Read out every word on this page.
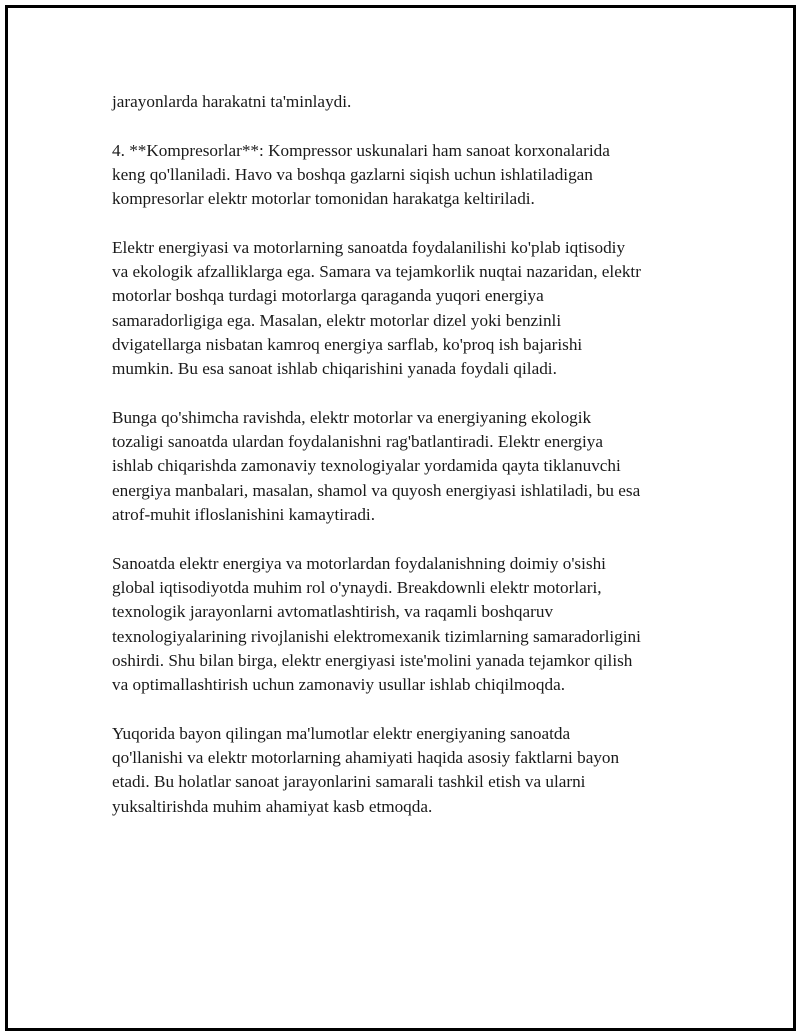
jarayonlarda harakatni ta'minlaydi.

4. **Kompresorlar**: Kompressor uskunalari ham sanoat korxonalarida
keng qo'llaniladi. Havo va boshqa gazlarni siqish uchun ishlatiladigan
kompresorlar elektr motorlar tomonidan harakatga keltiriladi.

Elektr energiyasi va motorlarning sanoatda foydalanilishi ko'plab iqtisodiy
va ekologik afzalliklarga ega. Samara va tejamkorlik nuqtai nazaridan, elektr
motorlar boshqa turdagi motorlarga qaraganda yuqori energiya
samaradorligiga ega. Masalan, elektr motorlar dizel yoki benzinli
dvigatellarga nisbatan kamroq energiya sarflab, ko'proq ish bajarishi
mumkin. Bu esa sanoat ishlab chiqarishini yanada foydali qiladi.

Bunga qo'shimcha ravishda, elektr motorlar va energiyaning ekologik
tozaligi sanoatda ulardan foydalanishni rag'batlantiradi. Elektr energiya
ishlab chiqarishda zamonaviy texnologiyalar yordamida qayta tiklanuvchi
energiya manbalari, masalan, shamol va quyosh energiyasi ishlatiladi, bu esa
atrof-muhit ifloslanishini kamaytiradi.

Sanoatda elektr energiya va motorlardan foydalanishning doimiy o'sishi
global iqtisodiyotda muhim rol o'ynaydi. Breakdownli elektr motorlari,
texnologik jarayonlarni avtomatlashtirish, va raqamli boshqaruv
texnologiyalarining rivojlanishi elektromexanik tizimlarning samaradorligini
oshirdi. Shu bilan birga, elektr energiyasi iste'molini yanada tejamkor qilish
va optimallashtirish uchun zamonaviy usullar ishlab chiqilmoqda.

Yuqorida bayon qilingan ma'lumotlar elektr energiyaning sanoatda
qo'llanishi va elektr motorlarning ahamiyati haqida asosiy faktlarni bayon
etadi. Bu holatlar sanoat jarayonlarini samarali tashkil etish va ularni
yuksaltirishda muhim ahamiyat kasb etmoqda.
